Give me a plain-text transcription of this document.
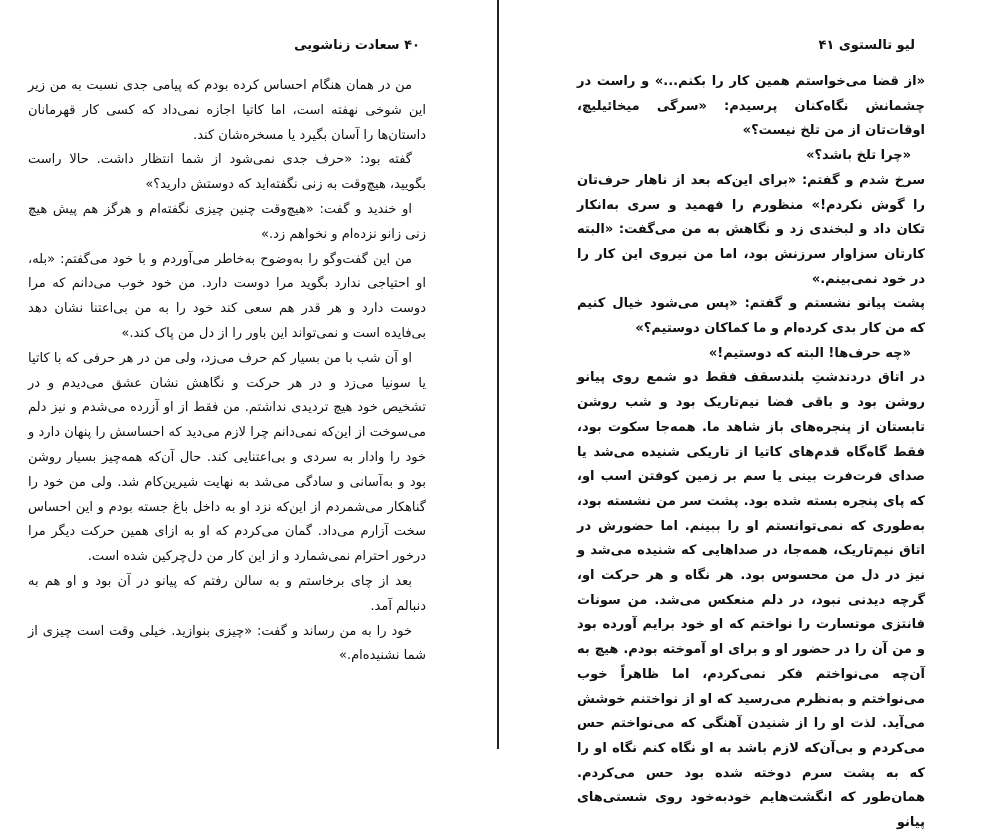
۴۰ سعادت زناشویی

من در همان هنگام احساس کرده بودم که پیامی جدی نسبت به من زیر این شوخی نهفته است، اما کاتیا اجازه نمی‌داد که کسی کار قهرمانان داستان‌ها را آسان بگیرد یا مسخره‌شان کند.

گفته بود: «حرف جدی نمی‌شود از شما انتظار داشت. حالا راست بگویید، هیچ‌وقت به زنی نگفته‌اید که دوستش دارید؟»

او خندید و گفت: «هیچ‌وقت چنین چیزی نگفته‌ام و هرگز هم پیش هیچ زنی زانو نزده‌ام و نخواهم زد.»

من این گفت‌وگو را به‌وضوح به‌خاطر می‌آوردم و با خود می‌گفتم: «بله، او احتیاجی ندارد بگوید مرا دوست دارد. من خود خوب می‌دانم که مرا دوست دارد و هر قدر هم سعی کند خود را به من بی‌اعتنا نشان دهد بی‌فایده است و نمی‌تواند این باور را از دل من پاک کند.»

او آن شب با من بسیار کم حرف می‌زد، ولی من در هر حرفی که با کاتیا یا سونیا می‌زد و در هر حرکت و نگاهش نشان عشق می‌دیدم و در تشخیص خود هیچ تردیدی نداشتم. من فقط از او آزرده می‌شدم و نیز دلم می‌سوخت از این‌که نمی‌دانم چرا لازم می‌دید که احساسش را پنهان دارد و خود را وادار به سردی و بی‌اعتنایی کند. حال آن‌که همه‌چیز بسیار روشن بود و به‌آسانی و سادگی می‌شد به نهایت شیرین‌کام شد. ولی من خود را گناهکار می‌شمردم از این‌که نزد او به داخل باغ جسته بودم و این احساس سخت آزارم می‌داد. گمان می‌کردم که او به ازای همین حرکت دیگر مرا درخور احترام نمی‌شمارد و از این کار من دل‌چرکین شده است.

بعد از چای برخاستم و به سالن رفتم که پیانو در آن بود و او هم به دنبالم آمد.

خود را به من رساند و گفت: «چیزی بنوازید. خیلی وقت است چیزی از شما نشنیده‌ام.»

لیو تالستوی ۴۱

«از قضا می‌خواستم همین کار را بکنم...» و راست در چشمانش نگاه‌کنان پرسیدم: «سرگی میخائیلیچ، اوقات‌تان از من تلخ نیست؟»

«چرا تلخ باشد؟»

سرخ شدم و گفتم: «برای این‌که بعد از ناهار حرف‌تان را گوش نکردم!» منظورم را فهمید و سری به‌انکار تکان داد و لبخندی زد و نگاهش به من می‌گفت: «البته کارتان سزاوار سرزنش بود، اما من نیروی این کار را در خود نمی‌بینم.»

پشت پیانو نشستم و گفتم: «پس می‌شود خیال کنیم که من کار بدی کرده‌ام و ما کماکان دوستیم؟»

«چه حرف‌ها! البته که دوستیم!»

در اتاق دردندشتِ بلندسقف فقط دو شمع روی پیانو روشن بود و باقی فضا نیم‌تاریک بود و شب روشن تابستان از پنجره‌های باز شاهد ما. همه‌جا سکوت بود، فقط گاه‌گاه قدم‌های کاتیا از تاریکی شنیده می‌شد یا صدای فرت‌فرت بینی یا سم بر زمین کوفتن اسب او، که پای پنجره بسته شده بود. پشت سر من نشسته بود، به‌طوری که نمی‌توانستم او را ببینم. اما حضورش در اتاق نیم‌تاریک، همه‌جا، در صداهایی که شنیده می‌شد و نیز در دل من محسوس بود. هر نگاه و هر حرکت او، گرچه دیدنی نبود، در دلم منعکس می‌شد. من سونات فانتزی موتسارت را نواختم که او خود برایم آورده بود و من آن را در حضور او و برای او آموخته بودم. هیچ به آن‌چه می‌نواختم فکر نمی‌کردم، اما ظاهراً خوب می‌نواختم و به‌نظرم می‌رسید که او از نواختنم خوشش می‌آید. لذت او را از شنیدن آهنگی که می‌نواختم حس می‌کردم و بی‌آن‌که لازم باشد به او نگاه کنم نگاه او را که به پشت سرم دوخته شده بود حس می‌کردم. همان‌طور که انگشت‌هایم خودبه‌خود روی شستی‌های پیانو
